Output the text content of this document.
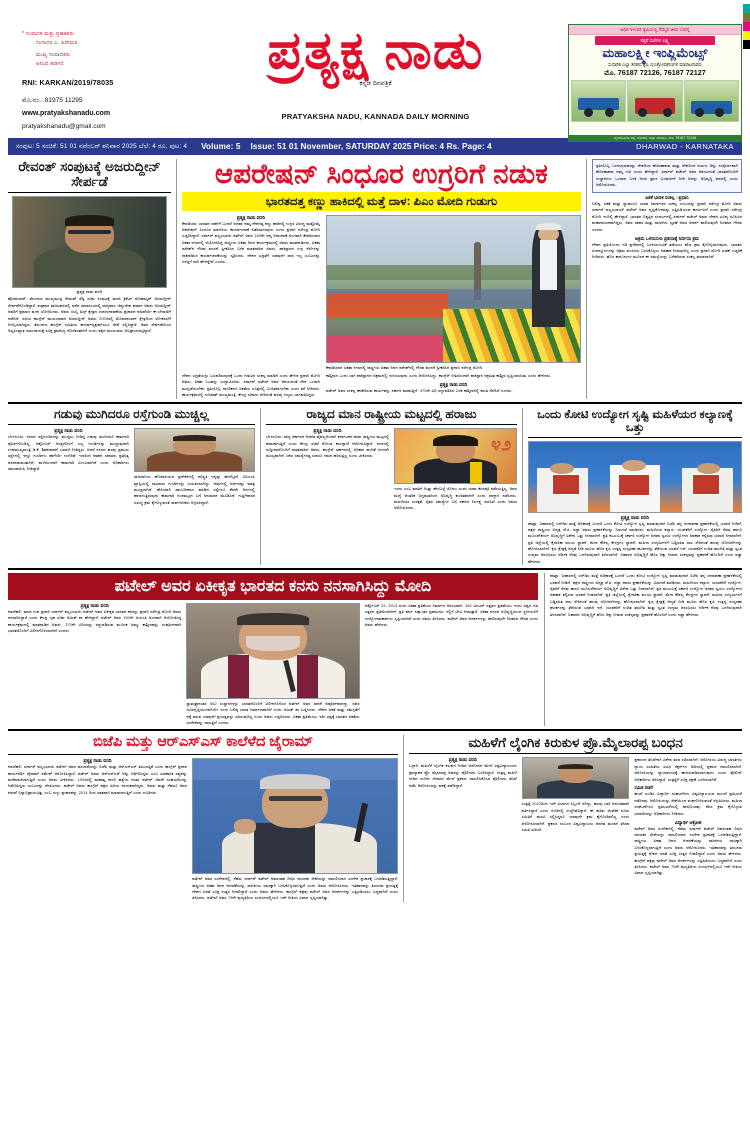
* ಸಂಪಾದಕ ಮತ್ತು ಪ್ರಕಾಶಕರು
ಗಂಗಾಧರ ಎ. ಹಿರೇಮಠ
ಮುಖ್ಯ ಸಂಪಾದಕರು
ಆನಂದ ಹಡಗಲಿ
RNI: KARKAN/2019/78035
ಮೊ.ನಂ.: 81975 11295
www.pratyakshanadu.com
pratyakshanadu@gmail.com
ಪ್ರತ್ಯಕ್ಷ ನಾಡು
ಕನ್ನಡ ದಿನಪತ್ರಿಕೆ
PRATYAKSHA NADU, KANNADA DAILY MORNING
ಅಧಿಕ ಇಳುವರಿ ಕೃಷಿಯಲ್ಲಿ ನೆಮ್ಮದಿ ಜೀವ ಸಂಪನ್ನ
ಸಕ್ಕರೆ ರಜೆಗಳ ಲಕ್ಷ್ಮಿ
ಮಹಾಲಕ್ಷ್ಮೀ ಇಂಪ್ಲಿಮೆಂಟ್ಸ್
ಸುಧಾರಿತ ಎಲ್ಲಾ ತರಹದ ಕೃಷಿ ಯಂತ್ರೋಪಕರಣಗಳ ಮಾರಾಟಗಾರರು
ಮೊ. 76187 72126, 76187 72127
ಬೈಲಹೊಂಗಲ ರಸ್ತೆ, ಗೋಕಾಕ, ಜಿಲ್ಲಾ ಬೆಳಗಾವಿ. ಮೊ: 76187 72126
ಸಂಪುಟ: 5 ಸಂಚಿಕೆ: 51 01 ನವೆಂಬರ್ ಶನಿವಾರ 2025 ಬೆಲೆ: 4 ರೂ. ಪುಟ: 4 Volume: 5 Issue: 51 01 November, SATURDAY 2025 Price: 4 Rs. Page: 4	DHARWAD - KARNATAKA
ರೇವಂತ್ ಸಂಪುಟಕ್ಕೆ ಅಜರುದ್ದೀನ್ ಸೇರ್ಪಡೆ
ಪ್ರತ್ಯಕ್ಷ ನಾಡು ವರದಿ
ಹೈದರಾಬಾದ್: ತೆಲಂಗಾಣ ಮುಖ್ಯಮಂತ್ರಿ ರೇವಂತ್ ರೆಡ್ಡಿ ಸಚಿವ ಸಂಪುಟಕ್ಕೆ ಮಾಜಿ ಕ್ರಿಕೆಟಿಗ ಮೊಹಮ್ಮದ್ ಅಜರುದ್ದೀನ್ ಸೇರ್ಪಡೆಗೊಂಡಿದ್ದಾರೆ. ಶುಕ್ರವಾರ ರಾಜಭವನದಲ್ಲಿ ನಡೆದ ಸಮಾರಂಭದಲ್ಲಿ ರಾಜ್ಯಪಾಲ ಜಿಷ್ಣುದೇವ ವರ್ಮಾ ಅವರು ಅಜರುದ್ದೀನ್ ಅವರಿಗೆ ಪ್ರಮಾಣ ವಚನ ಬೋಧಿಸಿದರು. ಅವರು ಜುಬ್ಲಿ ಹಿಲ್ಸ್ ಕ್ಷೇತ್ರದ ಉಪಚುನಾವಣೆಯ ಪ್ರಚಾರದ ನಡುವೆಯೇ ಈ ಬೆಳವಣಿಗೆ ನಡೆದಿದೆ. ಹಿರಿಯ ಕಾಂಗ್ರೆಸ್ ಮುಖಂಡರಾದ ಅಜರುದ್ದೀನ್ ಅವರು 2009ರಲ್ಲಿ ಮೊರಾದಾಬಾದ್ ಕ್ಷೇತ್ರದಿಂದ ಲೋಕಸಭೆಗೆ ಆಯ್ಕೆಯಾಗಿದ್ದರು. ತೆಲಂಗಾಣ ಕಾಂಗ್ರೆಸ್ ಸಮಿತಿಯ ಕಾರ್ಯಾಧ್ಯಕ್ಷರಾಗಿಯೂ ಸೇವೆ ಸಲ್ಲಿಸಿದ್ದಾರೆ. ಅವರ ಸೇರ್ಪಡೆಯಿಂದ ಅಲ್ಪಸಂಖ್ಯಾತ ಸಮುದಾಯಕ್ಕೆ ಸೂಕ್ತ ಪ್ರಾತಿನಿಧ್ಯ ದೊರೆತಂತಾಗಿದೆ ಎಂದು ಪಕ್ಷದ ಮುಖಂಡರು ಅಭಿಪ್ರಾಯಪಟ್ಟಿದ್ದಾರೆ.
ಆಪರೇಷನ್ ಸಿಂಧೂರ ಉಗ್ರರಿಗೆ ನಡುಕ
ಭಾರತದತ್ತ ಕಣ್ಣು ಹಾಕಿದಲ್ಲಿ ಮತ್ತೆ ದಾಳ: ಪಿಎಂ ಮೋದಿ ಗುಡುಗು
ಪ್ರತ್ಯಕ್ಷ ನಾಡು ವರದಿ
ಕೇವಡಿಯಾ: ಭಾರತದ ಸಹನೆಗೆ ಬಂದರೆ ಅಥವಾ ನಮ್ಮ ದೇಶದತ್ತ ಕಣ್ಣು ಹಾಕಿದಲ್ಲಿ ಉಗ್ರರ ವಿರುದ್ಧ ಮತ್ತೊಮ್ಮೆ ಆಪರೇಷನ್ ಸಿಂಧೂರ ಮಾದರಿಯ ಕಾರ್ಯಾಚರಣೆ ನಡೆಸಲಾಗುವುದು ಎಂದು ಪ್ರಧಾನಿ ನರೇಂದ್ರ ಮೋದಿ ಎಚ್ಚರಿಸಿದ್ದಾರೆ. ಸರ್ದಾರ್ ವಲ್ಲಭಭಾಯಿ ಪಟೇಲ್ ಅವರ 150ನೇ ಜನ್ಮ ದಿನಾಚರಣೆ ಅಂಗವಾಗಿ ಕೇವಡಿಯಾದ ಏಕತಾ ನಗರದಲ್ಲಿ ಆಯೋಜಿಸಿದ್ದ ರಾಷ್ಟ್ರೀಯ ಏಕತಾ ದಿನದ ಕಾರ್ಯಕ್ರಮದಲ್ಲಿ ಅವರು ಮಾತನಾಡಿದರು. ಏಕತಾ ಪರೇಡ್‌ನ ಗೌರವ ವಂದನೆ ಸ್ವೀಕರಿಸಿದ ಬಳಿಕ ಮಾತನಾಡಿದ ಅವರು, ಪಾಕಿಸ್ತಾನದ ಉಗ್ರ ನೆಲೆಗಳನ್ನು ನಾಶಪಡಿಸಿದ ಕಾರ್ಯಾಚರಣೆಯನ್ನು ಸ್ಮರಿಸಿದರು. ದೇಶದ ಭದ್ರತೆಗೆ ಯಾವುದೇ ರಾಜಿ ಇಲ್ಲ ಎಂಬುದನ್ನು ಜಗತ್ತಿಗೆ ಸಾರಿ ಹೇಳಿದ್ದೇವೆ ಎಂದರು.
ಕೇವಡಿಯಾದ ಏಕತಾ ನಗರದಲ್ಲಿ ರಾಷ್ಟ್ರೀಯ ಏಕತಾ ದಿನದ ಪರೇಡ್‌ನಲ್ಲಿ ಗೌರವ ವಂದನೆ ಸ್ವೀಕರಿಸಿದ ಪ್ರಧಾನಿ ನರೇಂದ್ರ ಮೋದಿ.
ದೇಶದ ಭದ್ರತೆಯನ್ನು ಬಲಪಡಿಸುವುದಕ್ಕೆ ಒಂದು ಗಡುವಿನ ಸಂಕಲ್ಪ ಮಾಡಿದೆ ಎಂದು ಹೇಳಿದ ಪ್ರಧಾನಿ ಮೋದಿ ಅವರು, ಏಕತಾ ಓಟವನ್ನು ಉದ್ಘಾಟಿಸಿದರು. ಸರ್ದಾರ್ ಪಟೇಲ್ ಅವರ ಆಶಯದಂತೆ ದೇಶ ಒಂದಾಗಿ ಮುನ್ನಡೆಯಬೇಕು, ಪ್ರತಿಯೊಬ್ಬ ನಾಗರಿಕನೂ ಏಕತೆಯ ಸೂತ್ರದಲ್ಲಿ ಬಂಧಿತನಾಗಬೇಕು ಎಂದು ಕರೆ ನೀಡಿದರು. ಕಾರ್ಯಕ್ರಮದಲ್ಲಿ ಗುಜರಾತ್ ಮುಖ್ಯಮಂತ್ರಿ, ಕೇಂದ್ರ ಸಚಿವರು ಸೇರಿದಂತೆ ಹಲವು ಗಣ್ಯರು ಭಾಗವಹಿಸಿದ್ದರು.
ಕಾಶ್ಮೀರದ ಒಂದು ಭಾಗ ಪಾಕಿಸ್ತಾನದ ಅಕ್ರಮದಲ್ಲಿ ಉಳಿಯುವುದು ಎಂದು ಆರೋಪಿಸಿದ್ದು, ಕಾಂಗ್ರೆಸ್ ನೀತಿಯಿಂದಾಗಿ ಪಾಕಿಸ್ತಾನ ಆಕ್ರಮಿತ ಕಾಶ್ಮೀರ ಸೃಷ್ಟಿಯಾಯಿತು ಎಂದು ಹೇಳಿದರು.
ಪ್ರತ್ಯಕ್ಷ ನಾಡು ವರದಿ
ಪಟೇಲ್ ಅವರ ಸಂಕಲ್ಪ ಈಡೇರಿಸುವ ಕಾರ್ಯವನ್ನು ಸರ್ಕಾರ ಮಾಡುತ್ತಿದೆ. 370ನೇ ವಿಧಿ ರದ್ದುಪಡಿಸಿದ ಬಳಿಕ ಕಾಶ್ಮೀರದಲ್ಲಿ ಶಾಂತಿ ನೆಲೆಸಿದೆ ಎಂದರು.
ಪ್ರತಿಯೊಬ್ಬ ಒಳನುಗ್ಗುವವರನ್ನು ದೇಶದಿಂದ ಹೊರಹಾಕುವ ಮತ್ತು ದೇಶದಿಂದ ನುಸುಳು ಅನ್ನು ಸಂಪೂರ್ಣವಾಗಿ ಹೊರಹಾಕುವ ನಮ್ಮ ಗುರಿ ಎಂದು ಹೇಳಿದ್ದಾರೆ. ಸರ್ದಾರ್ ಪಟೇಲ್ ಅವರ ಆಶಯದಂತೆ ಭಾರತದೊಂದಿಗೆ ಸಂಸ್ಥಾನಗಳು ಒಂದಾದ ಬಳಿಕ ಅದರ ಪ್ರಾಣ ಬಲವರ್ಧನೆ ನೀಡಿ ಅದನ್ನು ಅಭಿವೃದ್ಧಿ ಪಥದಲ್ಲಿ ಎಂದು ಆರೋಪಿಸಿದರು.
ಏಕತೆ ಭಾರತ ಸಂಕಲ್ಪ : ಪ್ರಧಾನಿ
ಬಲಿಷ್ಠ, ಏಕತೆ ಮತ್ತು ಸ್ವಾವಲಂಬಿ ಭಾರತ ನಿರ್ಮಾಣದ ಸಂಕಲ್ಪ ಎಂಬುದನ್ನು ಪ್ರಧಾನಿ ನರೇಂದ್ರ ಮೋದಿ ಅವರು ಸರ್ದಾರ್ ವಲ್ಲಭಭಾಯ್ ಪಟೇಲ್ ಅವರ ದೃಷ್ಟಿಕೋನವನ್ನು ಎತ್ತಿಹಿಡಿಯುವ ಕಾರ್ಯವಿದೆ ಎಂದು ಪ್ರಧಾನಿ ನರೇಂದ್ರ ಮೋದಿ ಇಂದಿಲ್ಲಿ ಹೇಳಿದ್ದಾರೆ. ಭಾರತದ ಬಿಕ್ಕಟ್ಟಿನ ಸಂದರ್ಭದಲ್ಲಿ ಸರ್ದಾರ್ ಪಟೇಲ್ ಅವರು ದೇಶದ ಭವಿಷ್ಯ ರೂಪಿಸಿದ ಮಹಾನಾಯಕರಾಗಿದ್ದರು. ಅವರ ಸಾಹಸ ಮತ್ತು ಸಾಧನೆಯ ಸ್ಮರಣೆ ಅವರ ಆದರ್ಶ ಪಾಲಿಸುವುದೇ ನಿಜವಾದ ಗೌರವ ಎಂದರು.
ಅಕ್ರಮ ಒಳನುಸುಳು ಪ್ರಕರಣಕ್ಕೆ ನಿರ್ದಯ ಕ್ರಮ
ದೇಶದ ಪ್ರತಿಯೊಂದು ಗಡಿ ಪ್ರದೇಶದಲ್ಲಿ ಒಳನುಸುಳುವಿಕೆ ತಡೆಯಲು ಕಠಿಣ ಕ್ರಮ ಕೈಗೊಳ್ಳಲಾಗುವುದು. ಭಾರತದ ಸಂಪನ್ಮೂಲಗಳನ್ನು ಅಕ್ರಮ ವಲಸಿಗರು ಬಳಸಿಕೊಳ್ಳಲು ಅವಕಾಶ ನೀಡುವುದಿಲ್ಲ ಎಂದು ಪ್ರಧಾನಿ ಮೋದಿ ಖಡಕ್ ಎಚ್ಚರಿಕೆ ನೀಡಿದರು. ಹೊಸ ಕಾನೂನುಗಳ ಮೂಲಕ ಈ ಸಮಸ್ಯೆಯನ್ನು ಬಗೆಹರಿಸುವ ಸಂಕಲ್ಪ ಮಾಡಲಾಗಿದೆ.
ಗಡುವು ಮುಗಿದರೂ ರಸ್ತೆಗುಂಡಿ ಮುಚ್ಚಿಲ್ಲ
ಪ್ರತ್ಯಕ್ಷ ನಾಡು ವರದಿ
ಬೆಂಗಳೂರು: ನಗರದ ರಸ್ತೆಗುಂಡಿಗಳನ್ನು ಮುಚ್ಚಲು ನೀಡಿದ್ದ ಗಡುವು ಮುಗಿದರೂ ಕಾಮಗಾರಿ ಪೂರ್ಣಗೊಂಡಿಲ್ಲ. ಅಕ್ಟೋಬರ್ ಅಂತ್ಯದೊಳಗೆ ಎಲ್ಲ ಗುಂಡಿಗಳನ್ನು ಮುಚ್ಚುವುದಾಗಿ ಉಪಮುಖ್ಯಮಂತ್ರಿ ಡಿ.ಕೆ. ಶಿವಕುಮಾರ್ ಭರವಸೆ ನೀಡಿದ್ದರು. ಆದರೆ ನಗರದ ಹಲವು ಪ್ರಮುಖ ರಸ್ತೆಗಳಲ್ಲಿ ಇನ್ನೂ ಗುಂಡಿಗಳು ಹಾಗೆಯೇ ಉಳಿದಿವೆ. ಇದರಿಂದ ವಾಹನ ಸವಾರರು ಪ್ರತಿನಿತ್ಯ ಪರದಾಡುವಂತಾಗಿದೆ. ಮಳೆಯಿಂದಾಗಿ ಕಾಮಗಾರಿ ವಿಳಂಬವಾಗಿದೆ ಎಂದು ಅಧಿಕಾರಿಗಳು ಸಮಜಾಯಿಷಿ ನೀಡಿದ್ದಾರೆ.
ರಾಜಧಾನಿಯ ಹೊರವಲಯದ ಪ್ರದೇಶಗಳಲ್ಲಿ ಪರಿಸ್ಥಿತಿ ಇನ್ನಷ್ಟು ಹದಗೆಟ್ಟಿದೆ. ಬಿಬಿಎಂಪಿ ವ್ಯಾಪ್ತಿಯಲ್ಲಿ ಸಾವಿರಾರು ಗುಂಡಿಗಳನ್ನು ಗುರುತಿಸಲಾಗಿದ್ದು, ಅವುಗಳಲ್ಲಿ ಅರ್ಧದಷ್ಟು ಮಾತ್ರ ಮುಚ್ಚಲಾಗಿದೆ. ಹೊಸದಾಗಿ ಡಾಂಬರೀಕರಣ ಮಾಡಿದ ರಸ್ತೆಗಳೂ ಕೆಲವೇ ದಿನಗಳಲ್ಲಿ ಹಾಳಾಗುತ್ತಿರುವುದು ಕಾಮಗಾರಿ ಗುಣಮಟ್ಟದ ಬಗ್ಗೆ ಅನುಮಾನ ಮೂಡಿಸಿದೆ. ಗುತ್ತಿಗೆದಾರರ ವಿರುದ್ಧ ಕ್ರಮ ಕೈಗೊಳ್ಳುವಂತೆ ಸಾರ್ವಜನಿಕರು ಆಗ್ರಹಿಸಿದ್ದಾರೆ.
ರಾಜ್ಯದ ಮಾನ ರಾಷ್ಟ್ರೀಯ ಮಟ್ಟದಲ್ಲಿ ಹರಾಜು
ಪ್ರತ್ಯಕ್ಷ ನಾಡು ವರದಿ
ಬೆಂಗಳೂರು: ರಾಜ್ಯ ಸರ್ಕಾರದ ಆಡಳಿತ ವೈಫಲ್ಯದಿಂದಾಗಿ ಕರ್ನಾಟಕದ ಮಾನ ರಾಷ್ಟ್ರೀಯ ಮಟ್ಟದಲ್ಲಿ ಹರಾಜಾಗುತ್ತಿದೆ ಎಂದು ಕೇಂದ್ರ ಸಚಿವೆ ಶೋಭಾ ಕರಂದ್ಲಾಜೆ ಆರೋಪಿಸಿದ್ದಾರೆ. ನಗರದಲ್ಲಿ ಸುದ್ದಿಗಾರರೊಂದಿಗೆ ಮಾತನಾಡಿದ ಅವರು, ಕಾಂಗ್ರೆಸ್ ಸರ್ಕಾರದಲ್ಲಿ ಅಧಿಕಾರ ಹಂಚಿಕೆ ಜಗಳವೇ ಮುಖ್ಯವಾಗಿದೆ. ಜನರ ಸಮಸ್ಯೆಗಳತ್ತ ಯಾರೂ ಗಮನ ಹರಿಸುತ್ತಿಲ್ಲ ಎಂದು ಟೀಕಿಸಿದರು.
೪೨
ಇಂದು ಎಂಬ ಮಾತಿಗೆ ನಿಂತ್ತು ಹೇಳಬಲ್ಲೆ ಸೋಲು ಎಂದು ಯಾವ ಕೆಲಸವೂ ನಡೆಯುತ್ತಿಲ್ಲ. ಅವರ ಮಧ್ಯೆ ಆಂತರಿಕ ಭಿನ್ನಮತದಿಂದ ಅಭಿವೃದ್ಧಿ ಕುಂಠಿತವಾಗಿದೆ ಎಂದು ವಾಗ್ದಾಳಿ ನಡೆಸಿದರು. ಮಹಿಳೆಯರ ಸುರಕ್ಷತೆ, ರೈತರ ಸಮಸ್ಯೆಗಳ ಬಗ್ಗೆ ಸರ್ಕಾರ ನಿರ್ಲಕ್ಷ್ಯ ವಹಿಸಿದೆ ಎಂದು ಅವರು ಆರೋಪಿಸಿದರು.
ಒಂದು ಕೋಟಿ ಉದ್ಯೋಗ ಸೃಷ್ಟಿ ಮಹಿಳೆಯರ ಕಲ್ಯಾಣಕ್ಕೆ ಒತ್ತು
ಪ್ರತ್ಯಕ್ಷ ನಾಡು ವರದಿ
ಪಾಟ್ನಾ: ಬಿಹಾರದಲ್ಲಿ ಎನ್‌ಡಿಎ ಮತ್ತೆ ಅಧಿಕಾರಕ್ಕೆ ಬಂದರೆ ಒಂದು ಕೋಟಿ ಉದ್ಯೋಗ ಸೃಷ್ಟಿ ಮಾಡುವುದಾಗಿ ಬಿಜೆಪಿ ತನ್ನ ಚುನಾವಣಾ ಪ್ರಣಾಳಿಕೆಯಲ್ಲಿ ಭರವಸೆ ನೀಡಿದೆ. ಪಕ್ಷದ ರಾಷ್ಟ್ರೀಯ ಅಧ್ಯಕ್ಷ ಜೆ.ಪಿ. ನಡ್ಡಾ ಅವರು ಪ್ರಣಾಳಿಕೆಯನ್ನು ಬಿಡುಗಡೆ ಮಾಡಿದರು. ಮಹಿಳೆಯರ ಕಲ್ಯಾಣ, ಯುವಕರಿಗೆ ಉದ್ಯೋಗ, ರೈತರಿಗೆ ನೆರವು ಹಾಗೂ ಮೂಲಸೌಕರ್ಯ ಅಭಿವೃದ್ಧಿಗೆ ವಿಶೇಷ ಒತ್ತು ನೀಡಲಾಗಿದೆ. ಪ್ರತಿ ಕುಟುಂಬಕ್ಕೆ ಸರ್ಕಾರಿ ಉದ್ಯೋಗ ಅಥವಾ ಸ್ವಯಂ ಉದ್ಯೋಗದ ಅವಕಾಶ ಕಲ್ಪಿಸುವ ಭರವಸೆ ನೀಡಲಾಗಿದೆ. ಪ್ರತಿ ಜಿಲ್ಲೆಯಲ್ಲಿ ಕೈಗಾರಿಕಾ ವಲಯ ಸ್ಥಾಪನೆ, ಮೆಗಾ ಕೌಶಲ್ಯ ಕೇಂದ್ರಗಳ ಸ್ಥಾಪನೆ, ಮಹಿಳಾ ಉದ್ಯಮಿಗಳಿಗೆ ಬಡ್ಡಿರಹಿತ ಸಾಲ ಸೇರಿದಂತೆ ಹಲವು ಯೋಜನೆಗಳನ್ನು ಘೋಷಿಸಲಾಗಿದೆ. ಕೃಷಿ ಕ್ಷೇತ್ರಕ್ಕೆ ಆದ್ಯತೆ ನೀಡಿ ಮೂರು ಹೊಸ ಕೃಷಿ ಉತ್ಪನ್ನ ಸಂಸ್ಕರಣಾ ಘಟಕಗಳನ್ನು ತೆರೆಯುವ ಭರವಸೆ ಇದೆ. ಯುವಕರಿಗೆ ಉಚಿತ ತರಬೇತಿ ಮತ್ತು ಸ್ವಂತ ಉದ್ಯಮ ಆರಂಭಿಸಲು ಆರ್ಥಿಕ ನೆರವು ಒದಗಿಸುವುದಾಗಿ ತಿಳಿಸಲಾಗಿದೆ. ಬಿಹಾರದ ಅಭಿವೃದ್ಧಿಗೆ ಹೊಸ ದಿಕ್ಕು ನೀಡುವ ಸಂಕಲ್ಪವನ್ನು ಪ್ರಣಾಳಿಕೆ ಹೊಂದಿದೆ ಎಂದು ನಡ್ಡಾ ಹೇಳಿದರು.
ಪಟೇಲ್ ಅವರ ಏಕೀಕೃತ ಭಾರತದ ಕನಸು ನನಸಾಗಿಸಿದ್ದು ಮೋದಿ
ಪ್ರತ್ಯಕ್ಷ ನಾಡು ವರದಿ
ನವದೆಹಲಿ: ಮಾಜಿ ಉಪ ಪ್ರಧಾನಿ ಸರ್ದಾರ್ ವಲ್ಲಭಭಾಯಿ ಪಟೇಲ್ ಅವರ ಏಕೀಕೃತ ಭಾರತದ ಕನಸನ್ನು ಪ್ರಧಾನಿ ನರೇಂದ್ರ ಮೋದಿ ಅವರು ನನಸಾಗಿಸಿದ್ದಾರೆ ಎಂದು ಕೇಂದ್ರ ಗೃಹ ಸಚಿವ ಅಮಿತ್ ಶಾ ಹೇಳಿದ್ದಾರೆ. ಪಟೇಲ್ ಅವರ 150ನೇ ಜಯಂತಿ ಅಂಗವಾಗಿ ಆಯೋಜಿಸಿದ್ದ ಕಾರ್ಯಕ್ರಮದಲ್ಲಿ ಮಾತನಾಡಿದ ಅವರು, 370ನೇ ವಿಧಿಯನ್ನು ರದ್ದುಪಡಿಸುವ ಮೂಲಕ ಜಮ್ಮು ಕಾಶ್ಮೀರವನ್ನು ಸಂಪೂರ್ಣವಾಗಿ ಭಾರತದೊಂದಿಗೆ ವಿಲೀನಗೊಳಿಸಲಾಗಿದೆ ಎಂದರು.
ಸ್ವಾತಂತ್ರ್ಯಾನಂತರ 562 ಸಂಸ್ಥಾನಗಳನ್ನು ಭಾರತದೊಂದಿಗೆ ವಿಲೀನಗೊಳಿಸಿದ ಪಟೇಲ್ ಅವರ ಸಾಧನೆ ಅಪೂರ್ವವಾದದ್ದು. ಅವರ ದೂರದೃಷ್ಟಿಯಿಂದಾಗಿಯೇ ಇಂದು ಬಲಿಷ್ಠ ಭಾರತ ನಿರ್ಮಾಣವಾಗಿದೆ ಎಂದು ಅಮಿತ್ ಶಾ ಬಣ್ಣಿಸಿದರು. ದೇಶದ ಏಕತೆ ಮತ್ತು ಸಮಗ್ರತೆಗೆ ಧಕ್ಕೆ ತರುವ ಯಾವುದೇ ಪ್ರಯತ್ನವನ್ನು ಸಹಿಸುವುದಿಲ್ಲ ಎಂದು ಅವರು ಎಚ್ಚರಿಸಿದರು. ಏಕತಾ ಪ್ರತಿಮೆಯು ಇಡೀ ವಿಶ್ವಕ್ಕೆ ಭಾರತದ ಏಕತೆಯ ಸಂದೇಶವನ್ನು ಸಾರುತ್ತಿದೆ ಎಂದರು.
ಅಕ್ಟೋಬರ್ 31, 2013 ರಂದು ಏಕತಾ ಪ್ರತಿಮೆಯ ನಿರ್ಮಾಣ ಆರಂಭವಾಗಿ, 182 ಮೀಟರ್ ಎತ್ತರದ ಪ್ರತಿಮೆಯು ಇಂದು ವಿಶ್ವದ ಅತಿ ಎತ್ತರದ ಪ್ರತಿಮೆಯಾಗಿದೆ. ಪ್ರತಿ ವರ್ಷ ಲಕ್ಷಾಂತರ ಪ್ರವಾಸಿಗರು ಇಲ್ಲಿಗೆ ಭೇಟಿ ನೀಡುತ್ತಾರೆ. ಏಕತಾ ನಗರದ ಅಭಿವೃದ್ಧಿಯಿಂದ ಸ್ಥಳೀಯರಿಗೆ ಉದ್ಯೋಗಾವಕಾಶಗಳು ಸೃಷ್ಟಿಯಾಗಿವೆ ಎಂದು ಅವರು ತಿಳಿಸಿದರು. ಪಟೇಲ್ ಅವರ ಆದರ್ಶಗಳನ್ನು ಪಾಲಿಸುವುದೇ ನಿಜವಾದ ಗೌರವ ಎಂದು ಅವರು ಹೇಳಿದರು.
ಪಾಟ್ನಾ: ಬಿಹಾರದಲ್ಲಿ ಎನ್‌ಡಿಎ ಮತ್ತೆ ಅಧಿಕಾರಕ್ಕೆ ಬಂದರೆ ಒಂದು ಕೋಟಿ ಉದ್ಯೋಗ ಸೃಷ್ಟಿ ಮಾಡುವುದಾಗಿ ಬಿಜೆಪಿ ತನ್ನ ಚುನಾವಣಾ ಪ್ರಣಾಳಿಕೆಯಲ್ಲಿ ಭರವಸೆ ನೀಡಿದೆ. ಪಕ್ಷದ ರಾಷ್ಟ್ರೀಯ ಅಧ್ಯಕ್ಷ ಜೆ.ಪಿ. ನಡ್ಡಾ ಅವರು ಪ್ರಣಾಳಿಕೆಯನ್ನು ಬಿಡುಗಡೆ ಮಾಡಿದರು. ಮಹಿಳೆಯರ ಕಲ್ಯಾಣ, ಯುವಕರಿಗೆ ಉದ್ಯೋಗ, ರೈತರಿಗೆ ನೆರವು ಹಾಗೂ ಮೂಲಸೌಕರ್ಯ ಅಭಿವೃದ್ಧಿಗೆ ವಿಶೇಷ ಒತ್ತು ನೀಡಲಾಗಿದೆ. ಪ್ರತಿ ಕುಟುಂಬಕ್ಕೆ ಸರ್ಕಾರಿ ಉದ್ಯೋಗ ಅಥವಾ ಸ್ವಯಂ ಉದ್ಯೋಗದ ಅವಕಾಶ ಕಲ್ಪಿಸುವ ಭರವಸೆ ನೀಡಲಾಗಿದೆ. ಪ್ರತಿ ಜಿಲ್ಲೆಯಲ್ಲಿ ಕೈಗಾರಿಕಾ ವಲಯ ಸ್ಥಾಪನೆ, ಮೆಗಾ ಕೌಶಲ್ಯ ಕೇಂದ್ರಗಳ ಸ್ಥಾಪನೆ, ಮಹಿಳಾ ಉದ್ಯಮಿಗಳಿಗೆ ಬಡ್ಡಿರಹಿತ ಸಾಲ ಸೇರಿದಂತೆ ಹಲವು ಯೋಜನೆಗಳನ್ನು ಘೋಷಿಸಲಾಗಿದೆ. ಕೃಷಿ ಕ್ಷೇತ್ರಕ್ಕೆ ಆದ್ಯತೆ ನೀಡಿ ಮೂರು ಹೊಸ ಕೃಷಿ ಉತ್ಪನ್ನ ಸಂಸ್ಕರಣಾ ಘಟಕಗಳನ್ನು ತೆರೆಯುವ ಭರವಸೆ ಇದೆ. ಯುವಕರಿಗೆ ಉಚಿತ ತರಬೇತಿ ಮತ್ತು ಸ್ವಂತ ಉದ್ಯಮ ಆರಂಭಿಸಲು ಆರ್ಥಿಕ ನೆರವು ಒದಗಿಸುವುದಾಗಿ ತಿಳಿಸಲಾಗಿದೆ. ಬಿಹಾರದ ಅಭಿವೃದ್ಧಿಗೆ ಹೊಸ ದಿಕ್ಕು ನೀಡುವ ಸಂಕಲ್ಪವನ್ನು ಪ್ರಣಾಳಿಕೆ ಹೊಂದಿದೆ ಎಂದು ನಡ್ಡಾ ಹೇಳಿದರು.
ಬಿಜೆಪಿ ಮತ್ತು ಆರ್‌ಎಸ್‌ಎಸ್ ಕಾಲೆಳೆದ ಜೈರಾಮ್
ಪ್ರತ್ಯಕ್ಷ ನಾಡು ವರದಿ
ನವದೆಹಲಿ: ಸರ್ದಾರ್ ವಲ್ಲಭಭಾಯಿ ಪಟೇಲ್ ಅವರ ಪರಂಪರೆಯನ್ನು ಬಿಜೆಪಿ ಮತ್ತು ಆರ್‌ಎಸ್‌ಎಸ್ ತಿರುಚುತ್ತಿವೆ ಎಂದು ಕಾಂಗ್ರೆಸ್ ಪ್ರಧಾನ ಕಾರ್ಯದರ್ಶಿ ಜೈರಾಮ್ ರಮೇಶ್ ಆರೋಪಿಸಿದ್ದಾರೆ. ಪಟೇಲ್ ಅವರು ಆರ್‌ಎಸ್‌ಎಸ್ ಅನ್ನು ನಿಷೇಧಿಸಿದ್ದರು ಎಂಬ ಐತಿಹಾಸಿಕ ಸತ್ಯವನ್ನು ಮರೆಮಾಚಲಾಗುತ್ತಿದೆ ಎಂದು ಅವರು ಟೀಕಿಸಿದರು. 1948ರಲ್ಲಿ ಮಹಾತ್ಮ ಗಾಂಧಿ ಹತ್ಯೆಯ ನಂತರ ಪಟೇಲ್ ಅವರೇ ಸಂಘಟನೆಯನ್ನು ನಿಷೇಧಿಸಿದ್ದರು ಎಂಬುದನ್ನು ನೆನಪಿಸಿದರು. ಪಟೇಲ್ ಅವರು ಕಾಂಗ್ರೆಸ್ ಪಕ್ಷದ ಹಿರಿಯ ನಾಯಕರಾಗಿದ್ದರು. ಅವರು ಮತ್ತು ನೆಹರೂ ಅವರ ನಡುವೆ ಭಿನ್ನಾಭಿಪ್ರಾಯವಿತ್ತು ಎಂಬ ಸುಳ್ಳು ಪ್ರಚಾರವನ್ನು 2014 ರಿಂದ ಸತತವಾಗಿ ಮಾಡಲಾಗುತ್ತಿದೆ ಎಂದು ದೂರಿದರು.
ಪಟೇಲ್ ಅವರ ಸಂದೇಶದಲ್ಲಿ, ನೆಹರು ಸರ್ದಾರ್ ಪಟೇಲ್ ಅವರಂತಹ ದಿಗ್ಗಜ ನಾಯಕರ ಸೇವೆಯನ್ನು ದಾಖಲಿಯಾದ ಸಂದೇಶ ಪ್ರಚಾರಕ್ಕೆ ಒಳಪಡಿಸುತ್ತಿದ್ದಾರೆ. ರಾಷ್ಟ್ರೀಯ ಏಕತಾ ದಿನದ ಆಚರಣೆಯನ್ನು ರಾಜಕೀಯ ಲಾಭಕ್ಕಾಗಿ ಬಳಸಿಕೊಳ್ಳಲಾಗುತ್ತಿದೆ ಎಂದು ಅವರು ಆರೋಪಿಸಿದರು. ಇತಿಹಾಸವನ್ನು ತಿರುಚುವ ಪ್ರಯತ್ನಕ್ಕೆ ದೇಶದ ಜನತೆ ಸೂಕ್ತ ಉತ್ತರ ನೀಡಲಿದ್ದಾರೆ ಎಂದು ಅವರು ಹೇಳಿದರು. ಕಾಂಗ್ರೆಸ್ ಪಕ್ಷವು ಪಟೇಲ್ ಅವರ ಆದರ್ಶಗಳನ್ನು ಎತ್ತಿಹಿಡಿಯಲು ಬದ್ಧವಾಗಿದೆ ಎಂದು ತಿಳಿಸಿದರು. ಪಟೇಲ್ ಅವರ 75ನೇ ಪುಣ್ಯತಿಥಿಯ ಸಂದರ್ಭದಲ್ಲಿಯೂ ಇದೇ ರೀತಿಯ ವಿವಾದ ಸೃಷ್ಟಿಯಾಗಿತ್ತು.
ಮಹಿಳೆಗೆ ಲೈಂಗಿಕ ಕಿರುಕುಳ ಪ್ರೊ.ಮೈಲಾರಪ್ಪ ಬಂಧನ
ಪ್ರತ್ಯಕ್ಷ ನಾಡು ವರದಿ
ಬಳ್ಳಾರಿ: ಮಹಿಳೆಗೆ ಲೈಂಗಿಕ ಕಿರುಕುಳ ನೀಡಿದ ಆರೋಪದ ಮೇಲೆ ವಿಶ್ವವಿದ್ಯಾಲಯದ ಪ್ರಾಧ್ಯಾಪಕ ಪ್ರೊ. ಮೈಲಾರಪ್ಪ ಅವರನ್ನು ಪೊಲೀಸರು ಬಂಧಿಸಿದ್ದಾರೆ. ಸಂತ್ರಸ್ತ ಮಹಿಳೆ ನೀಡಿದ ದೂರಿನ ಆಧಾರದ ಮೇಲೆ ಪ್ರಕರಣ ದಾಖಲಿಸಿಕೊಂಡ ಪೊಲೀಸರು ತನಿಖೆ ನಡೆಸಿ ಆರೋಪಿಯನ್ನು ವಶಕ್ಕೆ ಪಡೆದಿದ್ದಾರೆ.
ಸಂತ್ರಸ್ತೆ 2022ರಿಂದ ಇದೇ ವಿಭಾಗದ ಸಿಬ್ಬಂದಿ ಆಗಿದ್ದು, ಹಲವು ಬಾರಿ ಅನುಚಿತವಾಗಿ ವರ್ತಿಸಿದ್ದಾರೆ ಎಂದು ದೂರಿನಲ್ಲಿ ಉಲ್ಲೇಖಿಸಿದ್ದಾರೆ. ಈ ಕುರಿತು ಆಂತರಿಕ ದೂರು ಸಮಿತಿಗೆ ಮನವಿ ಸಲ್ಲಿಸಿದ್ದರೂ ಯಾವುದೇ ಕ್ರಮ ಕೈಗೊಂಡಿರಲಿಲ್ಲ ಎಂದು ಆರೋಪಿಸಲಾಗಿದೆ. ಪ್ರಕರಣ ಸಂಬಂಧ ವಿಶ್ವವಿದ್ಯಾಲಯ ಆಡಳಿತ ಮಂಡಳಿ ತನಿಖಾ ಸಮಿತಿ ರಚಿಸಿದೆ.
ಪ್ರಕರಣದ ತನಿಖೆಗಾಗಿ ವಿಶೇಷ ತಂಡ ರಚಿಸಲಾಗಿದೆ. ಆರೋಪಿಯ ವಿರುದ್ಧ ಭಾರತೀಯ ನ್ಯಾಯ ಸಂಹಿತೆಯ ವಿವಿಧ ಸೆಕ್ಷನ್‌ಗಳ ಅಡಿಯಲ್ಲಿ ಪ್ರಕರಣ ದಾಖಲಿಸಲಾಗಿದೆ. ಆರೋಪಿಯನ್ನು ನ್ಯಾಯಾಲಯಕ್ಕೆ ಹಾಜರುಪಡಿಸಲಾಗುವುದು ಎಂದು ಪೊಲೀಸ್ ಅಧಿಕಾರಿಗಳು ತಿಳಿಸಿದ್ದಾರೆ. ಸಂತ್ರಸ್ತೆಗೆ ಸೂಕ್ತ ರಕ್ಷಣೆ ಒದಗಿಸಲಾಗಿದೆ.
ಸಮಿತಿ ರಚನೆ
ಘಟನೆ ಖಂಡಿಸಿ ವಿದ್ಯಾರ್ಥಿ ಸಂಘಟನೆಗಳು ವಿಶ್ವವಿದ್ಯಾಲಯದ ಮುಂದೆ ಪ್ರತಿಭಟನೆ ನಡೆಸಿದವು. ಆರೋಪಿಯನ್ನು ಸೇವೆಯಿಂದ ವಜಾಗೊಳಿಸುವಂತೆ ಆಗ್ರಹಿಸಿದರು. ಮಹಿಳಾ ಸಂಘಟನೆಗಳೂ ಪ್ರತಿಭಟನೆಯಲ್ಲಿ ಪಾಲ್ಗೊಂಡವು. ಕಠಿಣ ಕ್ರಮ ಕೈಗೊಳ್ಳುವ ಭರವಸೆಯನ್ನು ಅಧಿಕಾರಿಗಳು ನೀಡಿದರು.
ವಿದ್ಯಾರ್ಥಿ ಆಕ್ರೋಶ
ಪಟೇಲ್ ಅವರ ಸಂದೇಶದಲ್ಲಿ, ನೆಹರು ಸರ್ದಾರ್ ಪಟೇಲ್ ಅವರಂತಹ ದಿಗ್ಗಜ ನಾಯಕರ ಸೇವೆಯನ್ನು ದಾಖಲಿಯಾದ ಸಂದೇಶ ಪ್ರಚಾರಕ್ಕೆ ಒಳಪಡಿಸುತ್ತಿದ್ದಾರೆ. ರಾಷ್ಟ್ರೀಯ ಏಕತಾ ದಿನದ ಆಚರಣೆಯನ್ನು ರಾಜಕೀಯ ಲಾಭಕ್ಕಾಗಿ ಬಳಸಿಕೊಳ್ಳಲಾಗುತ್ತಿದೆ ಎಂದು ಅವರು ಆರೋಪಿಸಿದರು. ಇತಿಹಾಸವನ್ನು ತಿರುಚುವ ಪ್ರಯತ್ನಕ್ಕೆ ದೇಶದ ಜನತೆ ಸೂಕ್ತ ಉತ್ತರ ನೀಡಲಿದ್ದಾರೆ ಎಂದು ಅವರು ಹೇಳಿದರು. ಕಾಂಗ್ರೆಸ್ ಪಕ್ಷವು ಪಟೇಲ್ ಅವರ ಆದರ್ಶಗಳನ್ನು ಎತ್ತಿಹಿಡಿಯಲು ಬದ್ಧವಾಗಿದೆ ಎಂದು ತಿಳಿಸಿದರು. ಪಟೇಲ್ ಅವರ 75ನೇ ಪುಣ್ಯತಿಥಿಯ ಸಂದರ್ಭದಲ್ಲಿಯೂ ಇದೇ ರೀತಿಯ ವಿವಾದ ಸೃಷ್ಟಿಯಾಗಿತ್ತು.
